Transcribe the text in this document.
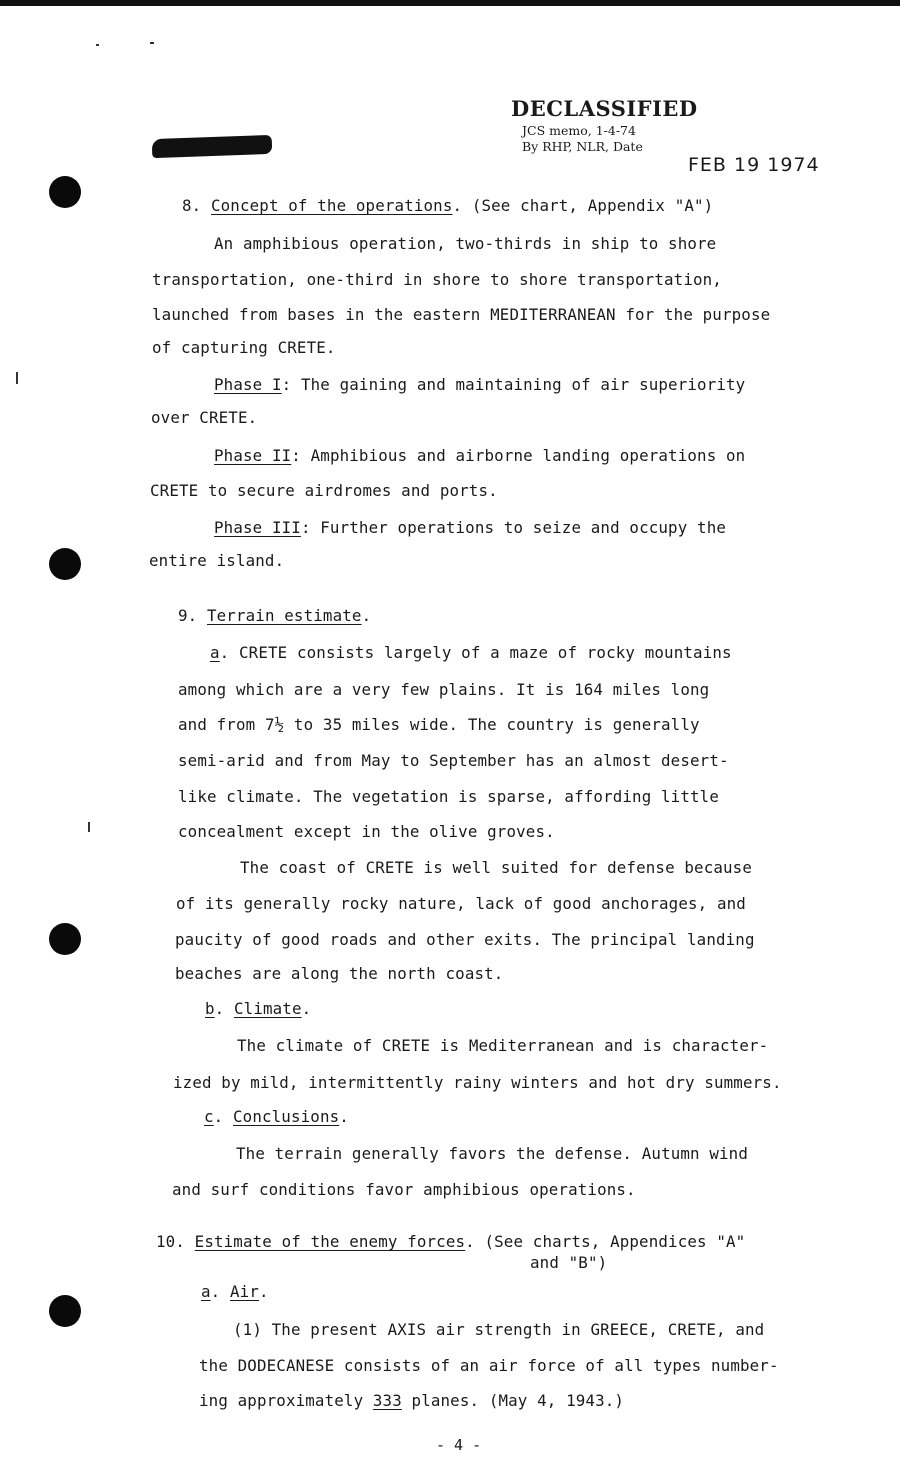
DECLASSIFIED
JCS memo, 1-4-74
By RHP, NLR, Date
FEB 19 1974
8. Concept of the operations. (See chart, Appendix "A")
An amphibious operation, two-thirds in ship to shore
transportation, one-third in shore to shore transportation,
launched from bases in the eastern MEDITERRANEAN for the purpose
of capturing CRETE.
Phase I: The gaining and maintaining of air superiority
over CRETE.
Phase II: Amphibious and airborne landing operations on
CRETE to secure airdromes and ports.
Phase III: Further operations to seize and occupy the
entire island.
9. Terrain estimate.
a. CRETE consists largely of a maze of rocky mountains
among which are a very few plains. It is 164 miles long
and from 7½ to 35 miles wide. The country is generally
semi-arid and from May to September has an almost desert-
like climate. The vegetation is sparse, affording little
concealment except in the olive groves.
The coast of CRETE is well suited for defense because
of its generally rocky nature, lack of good anchorages, and
paucity of good roads and other exits. The principal landing
beaches are along the north coast.
b. Climate.
The climate of CRETE is Mediterranean and is character-
ized by mild, intermittently rainy winters and hot dry summers.
c. Conclusions.
The terrain generally favors the defense. Autumn wind
and surf conditions favor amphibious operations.
10. Estimate of the enemy forces. (See charts, Appendices "A"
and "B")
a. Air.
(1) The present AXIS air strength in GREECE, CRETE, and
the DODECANESE consists of an air force of all types number-
ing approximately 333 planes. (May 4, 1943.)
- 4 -
